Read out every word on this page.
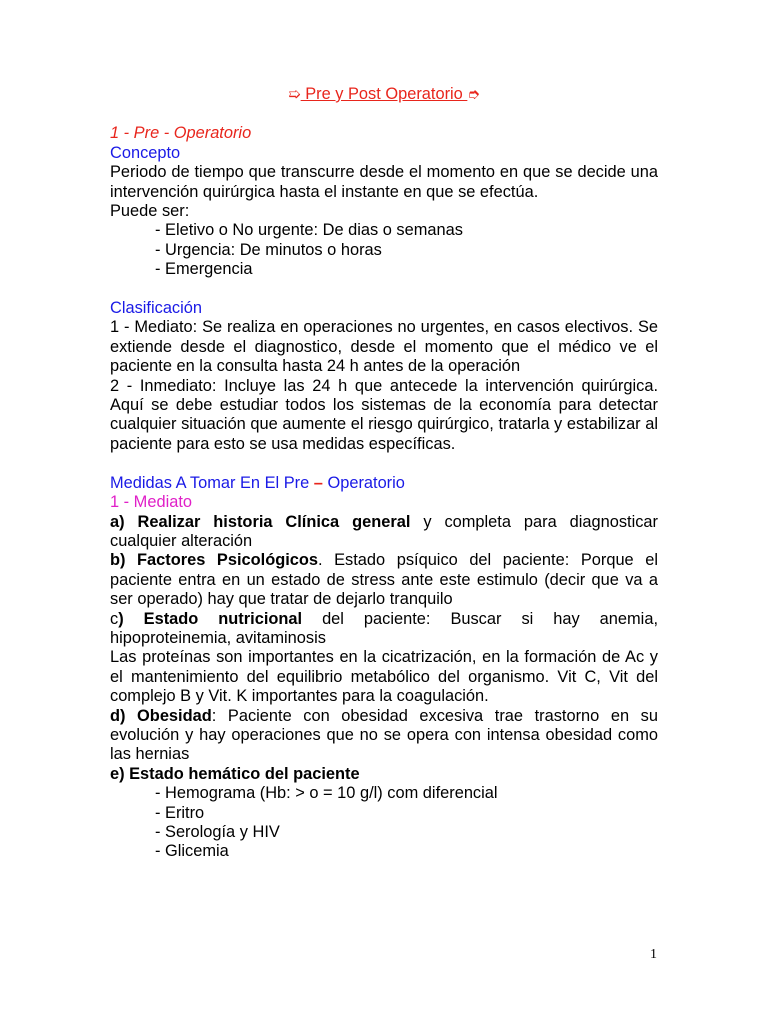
➯ Pre y Post Operatorio ➮

1 - Pre - Operatorio

Concepto

Periodo de tiempo que transcurre desde el momento en que se decide una intervención quirúrgica hasta el instante en que se efectúa.

Puede ser:

- Eletivo o No urgente: De dias o semanas

- Urgencia: De minutos o horas

- Emergencia

Clasificación

1 - Mediato: Se realiza en operaciones no urgentes, en casos electivos. Se extiende desde el diagnostico, desde el momento que el médico ve el paciente en la consulta hasta 24 h antes de la operación

2 - Inmediato: Incluye las 24 h que antecede la intervención quirúrgica. Aquí se debe estudiar todos los sistemas de la economía para detectar cualquier situación que aumente el riesgo quirúrgico, tratarla y estabilizar al paciente para esto se usa medidas específicas.

Medidas A Tomar En El Pre – Operatorio

1 - Mediato

a) Realizar historia Clínica general y completa para diagnosticar cualquier alteración

b) Factores Psicológicos. Estado psíquico del paciente: Porque el paciente entra en un estado de stress ante este estimulo (decir que va a ser operado) hay que tratar de dejarlo tranquilo

c) Estado nutricional del paciente: Buscar si hay anemia, hipoproteinemia, avitaminosis

Las proteínas son importantes en la cicatrización, en la formación de Ac y el mantenimiento del equilibrio metabólico del organismo. Vit C, Vit del complejo B y Vit. K importantes para la coagulación.

d) Obesidad: Paciente con obesidad excesiva trae trastorno en su evolución y hay operaciones que no se opera con intensa obesidad como las hernias

e) Estado hemático del paciente

- Hemograma (Hb: > o = 10 g/l) com diferencial

- Eritro

- Serología y HIV

- Glicemia

1
